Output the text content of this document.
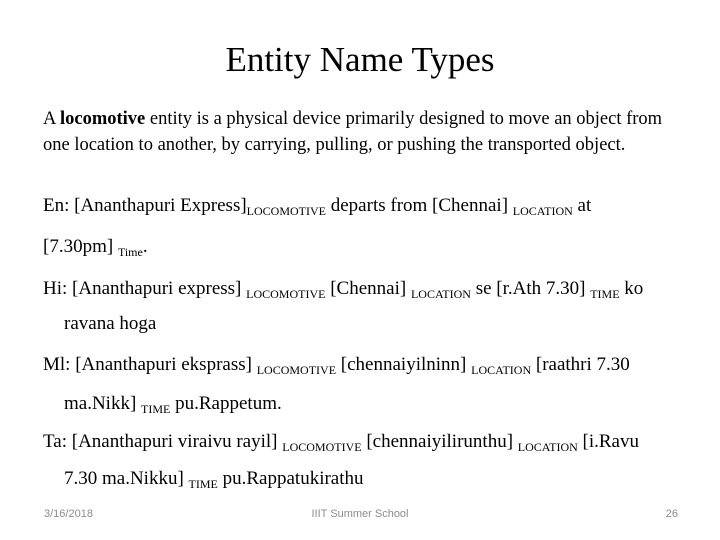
Entity Name Types
A locomotive entity is a physical device primarily designed to move an object from one location to another, by carrying, pulling, or pushing the transported object.
En: [Ananthapuri $Express]_{LOCOMOTIVE}$ departs from [Chennai] $_{LOCATION}$ at
[7.30pm] $_{Time}$.
Hi: [Ananthapuri express] $_{LOCOMOTIVE}$ [Chennai] $_{LOCATION}$ se [r.Ath 7.30] $_{TIME}$ ko
ravana hoga
Ml: [Ananthapuri eksprass] $_{LOCOMOTIVE}$ [chennaiyilninn] $_{LOCATION}$ [raathri 7.30
ma.Nikk] $_{TIME}$ pu.Rappetum.
Ta: [Ananthapuri viraivu rayil] $_{LOCOMOTIVE}$ [chennaiyilirunthu] $_{LOCATION}$ [i.Ravu
7.30 ma.Nikku] $_{TIME}$ pu.Rappatukirathu
3/16/2018	IIIT Summer School	26
